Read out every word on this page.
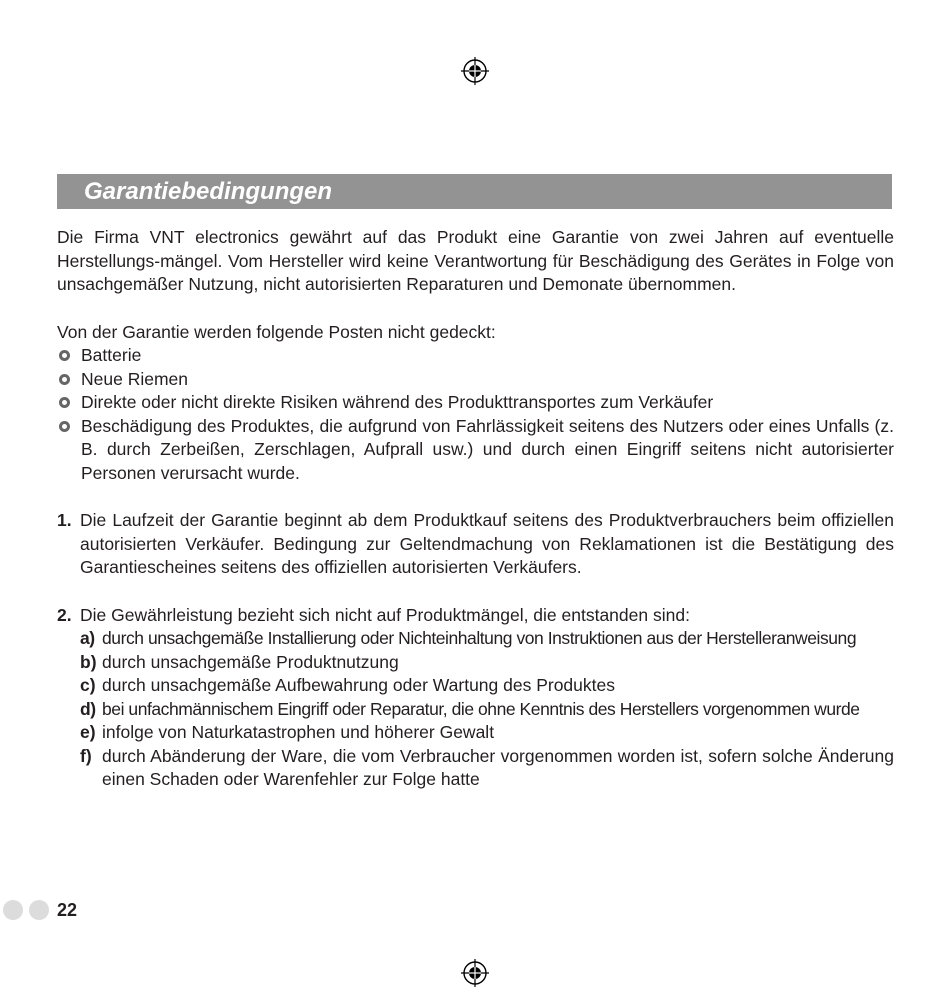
Garantiebedingungen

Die Firma VNT electronics gewährt auf das Produkt eine Garantie von zwei Jahren auf eventuelle Herstellungs-mängel. Vom Hersteller wird keine Verantwortung für Beschädigung des Gerätes in Folge von unsachgemäßer Nutzung, nicht autorisierten Reparaturen und Demonate übernommen.

Von der Garantie werden folgende Posten nicht gedeckt:

Batterie
Neue Riemen
Direkte oder nicht direkte Risiken während des Produkttransportes zum Verkäufer
Beschädigung des Produktes, die aufgrund von Fahrlässigkeit seitens des Nutzers oder eines Unfalls (z. B. durch Zerbeißen, Zerschlagen, Aufprall usw.) und durch einen Eingriff seitens nicht autorisierter Personen verursacht wurde.
1. Die Laufzeit der Garantie beginnt ab dem Produktkauf seitens des Produktverbrauchers beim offiziellen autorisierten Verkäufer. Bedingung zur Geltendmachung von Reklamationen ist die Bestätigung des Garantiescheines seitens des offiziellen autorisierten Verkäufers.
2. Die Gewährleistung bezieht sich nicht auf Produktmängel, die entstanden sind:
a) durch unsachgemäße Installierung oder Nichteinhaltung von Instruktionen aus der Herstelleranweisung
b) durch unsachgemäße Produktnutzung
c) durch unsachgemäße Aufbewahrung oder Wartung des Produktes
d) bei unfachmännischem Eingriff oder Reparatur, die ohne Kenntnis des Herstellers vorgenommen wurde
e) infolge von Naturkatastrophen und höherer Gewalt
f) durch Abänderung der Ware, die vom Verbraucher vorgenommen worden ist, sofern solche Änderung einen Schaden oder Warenfehler zur Folge hatte
22
